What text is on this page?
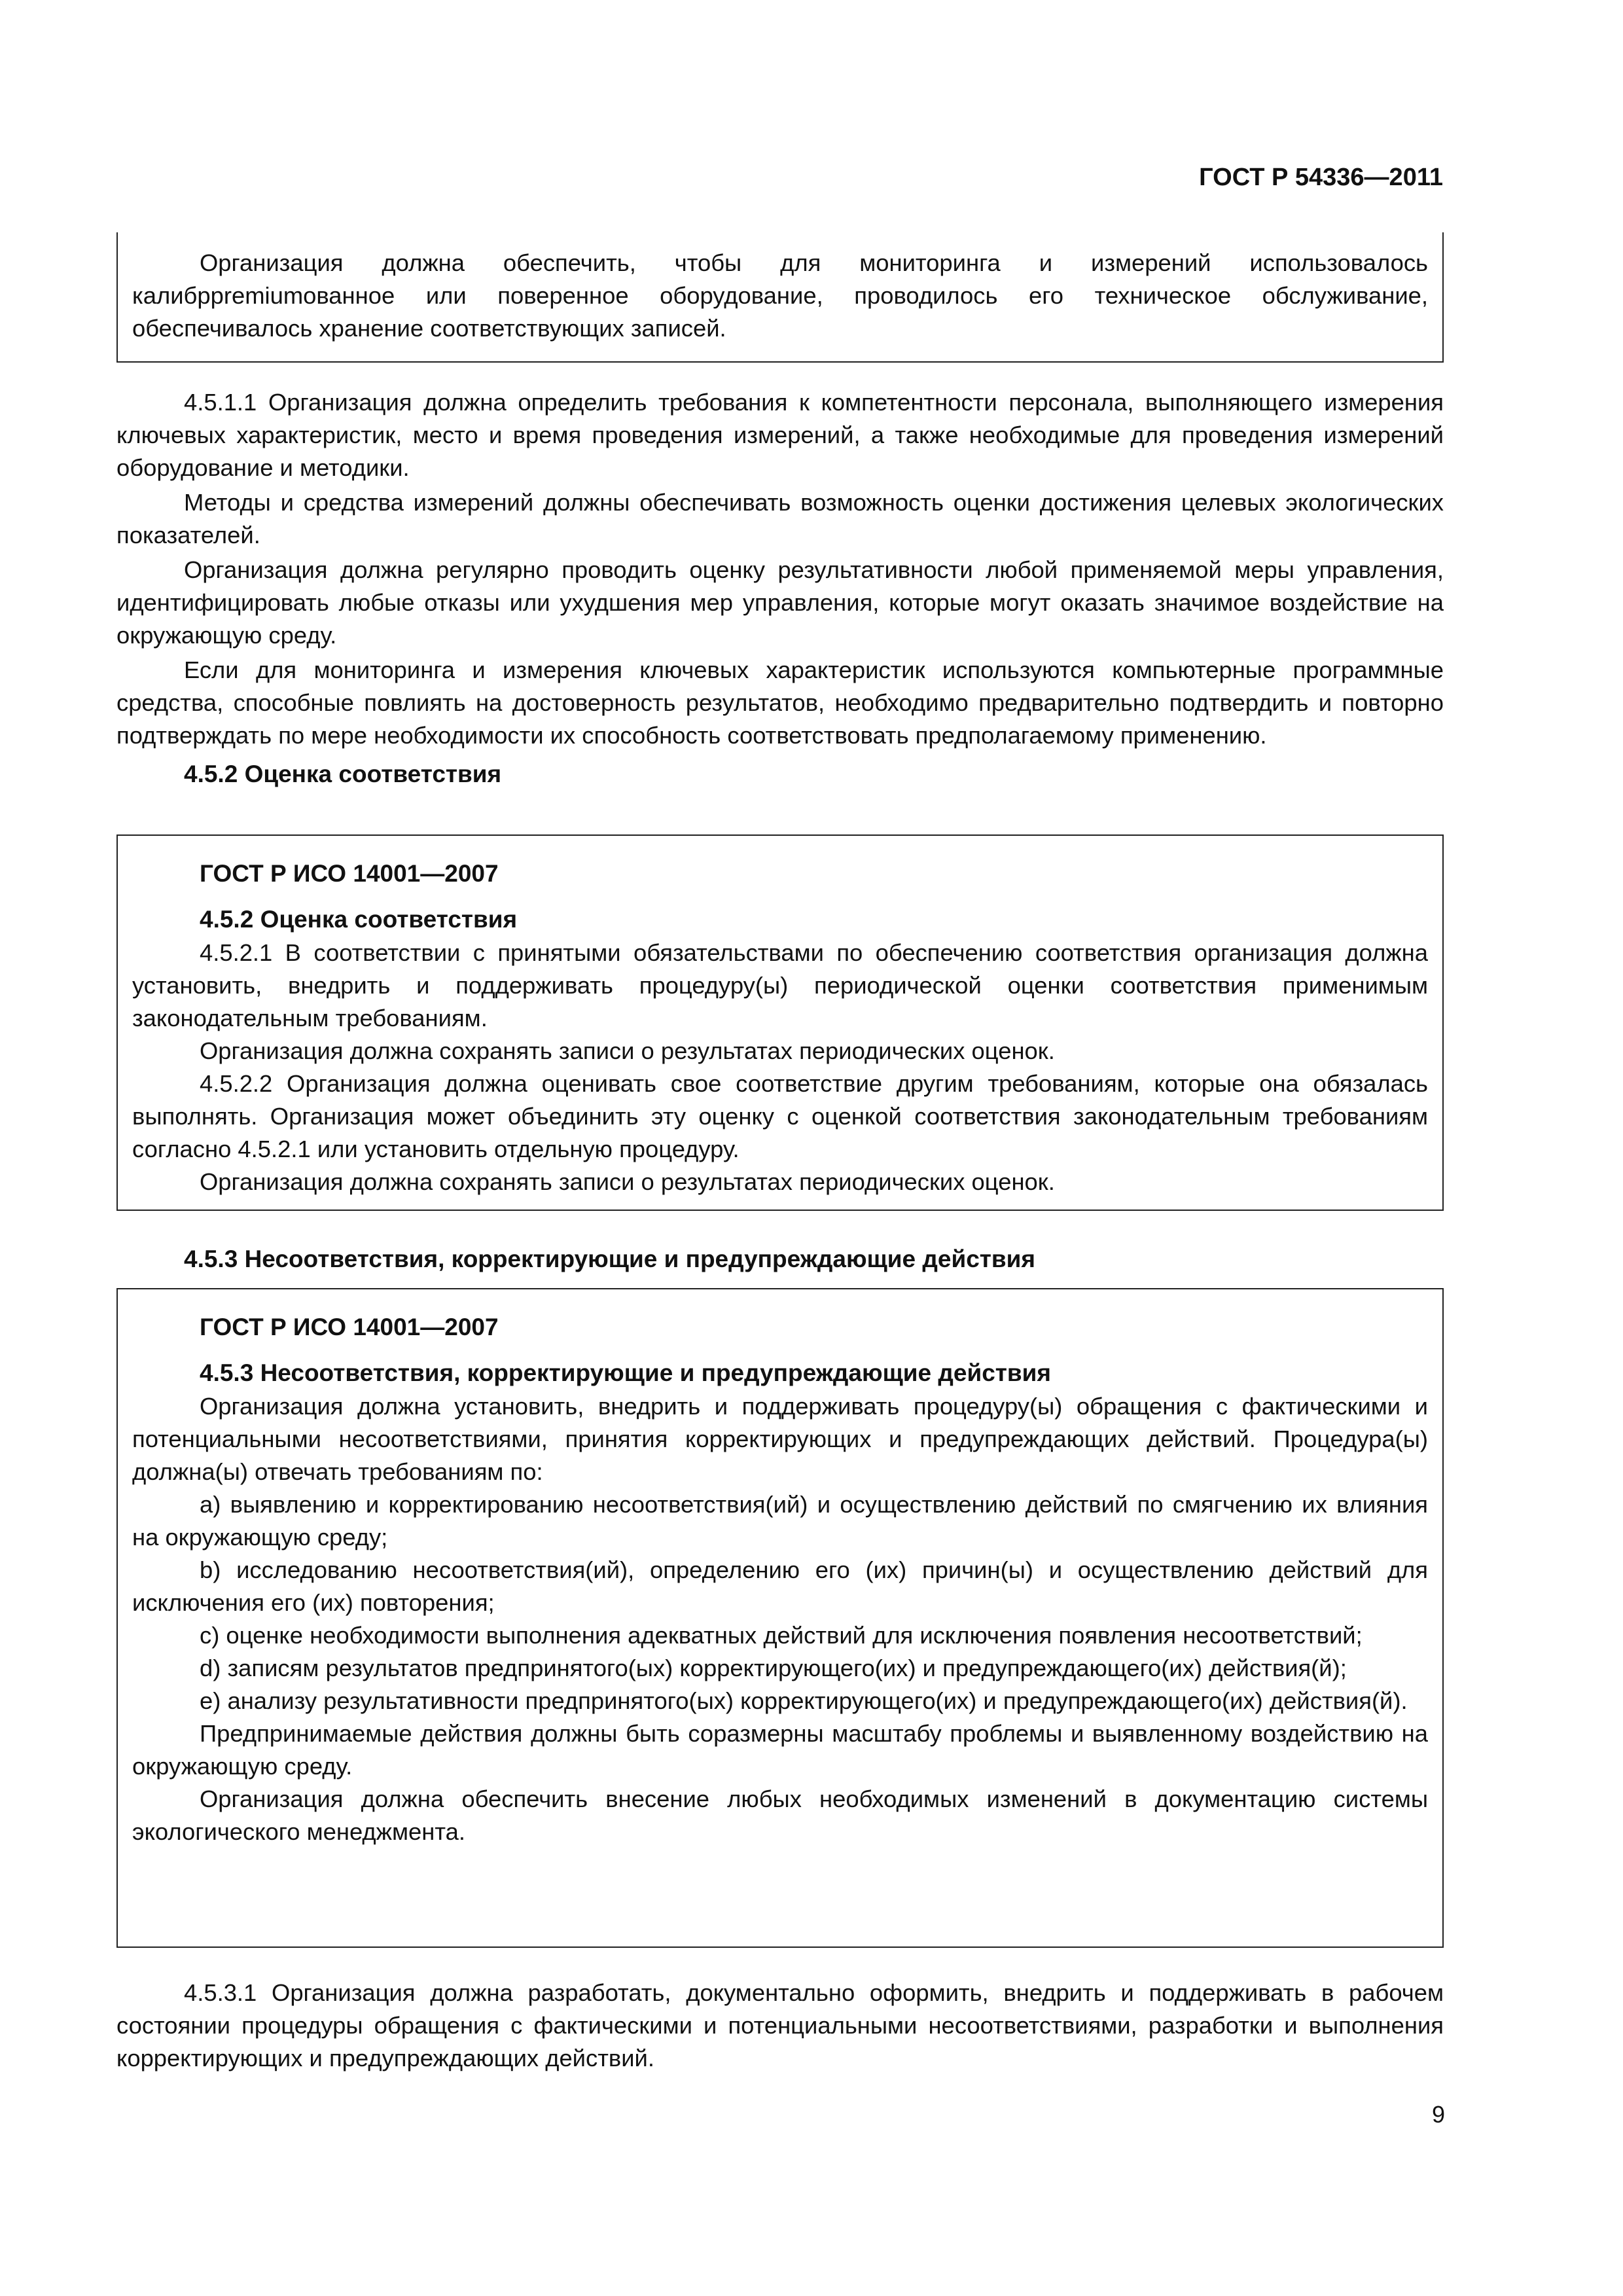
ГОСТ Р 54336—2011

Организация должна обеспечить, чтобы для мониторинга и измерений использовалось калибрpremiumованное или поверенное оборудование, проводилось его техническое обслуживание, обеспечивалось хранение соответствующих записей.

4.5.1.1 Организация должна определить требования к компетентности персонала, выполняющего измерения ключевых характеристик, место и время проведения измерений, а также необходимые для проведения измерений оборудование и методики.

Методы и средства измерений должны обеспечивать возможность оценки достижения целевых экологических показателей.

Организация должна регулярно проводить оценку результативности любой применяемой меры управления, идентифицировать любые отказы или ухудшения мер управления, которые могут оказать значимое воздействие на окружающую среду.

Если для мониторинга и измерения ключевых характеристик используются компьютерные программные средства, способные повлиять на достоверность результатов, необходимо предварительно подтвердить и повторно подтверждать по мере необходимости их способность соответствовать предполагаемому применению.

4.5.2 Оценка соответствия

ГОСТ Р ИСО 14001—2007

4.5.2 Оценка соответствия

4.5.2.1 В соответствии с принятыми обязательствами по обеспечению соответствия организация должна установить, внедрить и поддерживать процедуру(ы) периодической оценки соответствия применимым законодательным требованиям.

Организация должна сохранять записи о результатах периодических оценок.

4.5.2.2 Организация должна оценивать свое соответствие другим требованиям, которые она обязалась выполнять. Организация может объединить эту оценку с оценкой соответствия законодательным требованиям согласно 4.5.2.1 или установить отдельную процедуру.

Организация должна сохранять записи о результатах периодических оценок.

4.5.3 Несоответствия, корректирующие и предупреждающие действия

ГОСТ Р ИСО 14001—2007

4.5.3 Несоответствия, корректирующие и предупреждающие действия

Организация должна установить, внедрить и поддерживать процедуру(ы) обращения с фактическими и потенциальными несоответствиями, принятия корректирующих и предупреждающих действий. Процедура(ы) должна(ы) отвечать требованиям по:

a) выявлению и корректированию несоответствия(ий) и осуществлению действий по смягчению их влияния на окружающую среду;

b) исследованию несоответствия(ий), определению его (их) причин(ы) и осуществлению действий для исключения его (их) повторения;

c) оценке необходимости выполнения адекватных действий для исключения появления несоответствий;

d) записям результатов предпринятого(ых) корректирующего(их) и предупреждающего(их) действия(й);

e) анализу результативности предпринятого(ых) корректирующего(их) и предупреждающего(их) действия(й).

Предпринимаемые действия должны быть соразмерны масштабу проблемы и выявленному воздействию на окружающую среду.

Организация должна обеспечить внесение любых необходимых изменений в документацию системы экологического менеджмента.

4.5.3.1 Организация должна разработать, документально оформить, внедрить и поддерживать в рабочем состоянии процедуры обращения с фактическими и потенциальными несоответствиями, разработки и выполнения корректирующих и предупреждающих действий.

9
